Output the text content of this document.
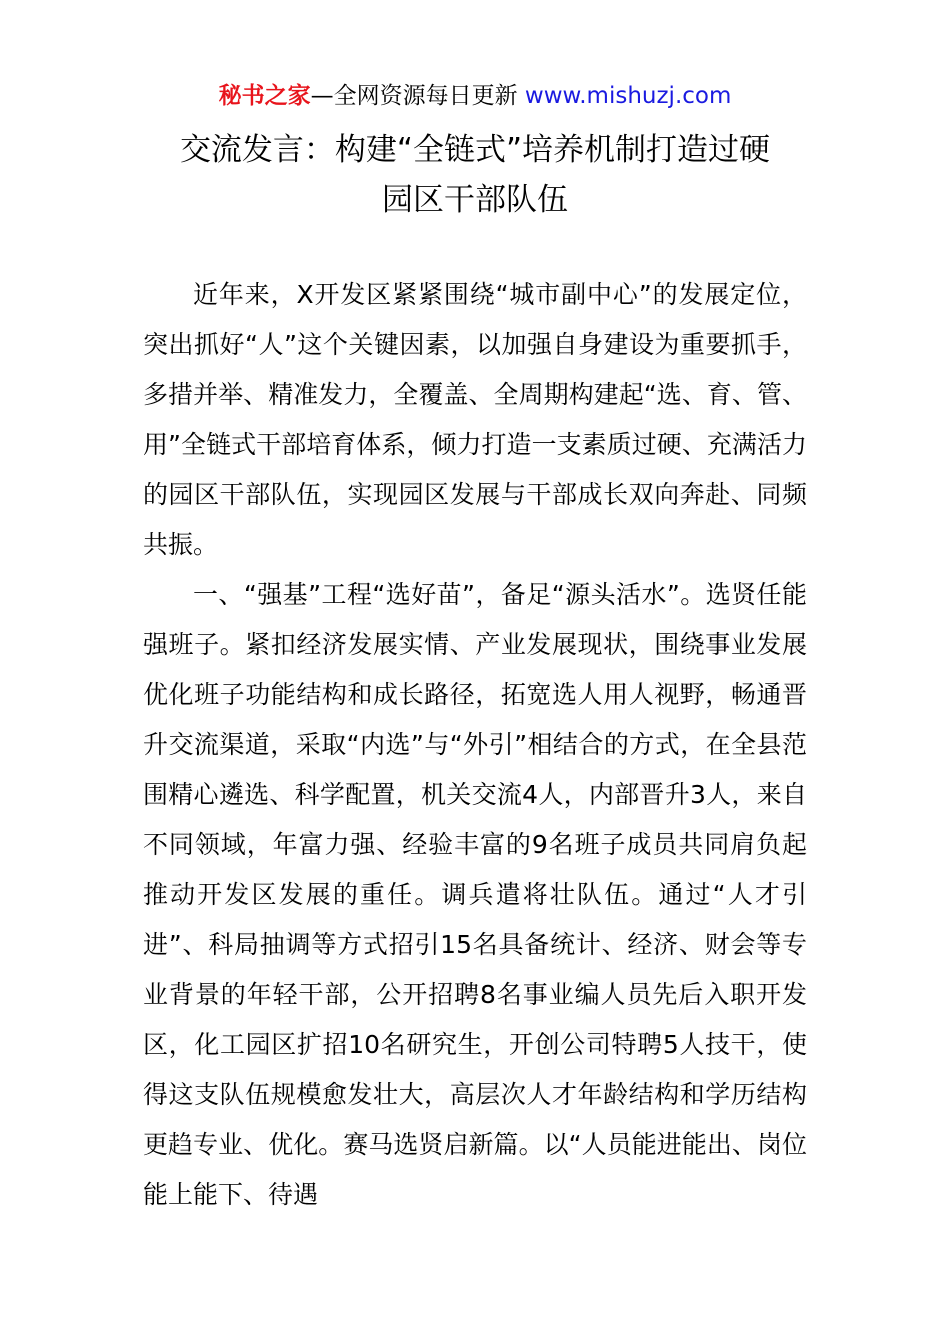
秘书之家—全网资源每日更新 www.mishuzj.com
交流发言：构建“全链式”培养机制打造过硬
园区干部队伍

近年来，X开发区紧紧围绕“城市副中心”的发展定位，突出抓好“人”这个关键因素，以加强自身建设为重要抓手，多措并举、精准发力，全覆盖、全周期构建起“选、育、管、用”全链式干部培育体系，倾力打造一支素质过硬、充满活力的园区干部队伍，实现园区发展与干部成长双向奔赴、同频共振。

一、“强基”工程“选好苗”，备足“源头活水”。选贤任能强班子。紧扣经济发展实情、产业发展现状，围绕事业发展优化班子功能结构和成长路径，拓宽选人用人视野，畅通晋升交流渠道，采取“内选”与“外引”相结合的方式，在全县范围精心遴选、科学配置，机关交流4人，内部晋升3人，来自不同领域，年富力强、经验丰富的9名班子成员共同肩负起推动开发区发展的重任。调兵遣将壮队伍。通过“人才引进”、科局抽调等方式招引15名具备统计、经济、财会等专业背景的年轻干部，公开招聘8名事业编人员先后入职开发区，化工园区扩招10名研究生，开创公司特聘5人技干，使得这支队伍规模愈发壮大，高层次人才年龄结构和学历结构更趋专业、优化。赛马选贤启新篇。以“人员能进能出、岗位能上能下、待遇
